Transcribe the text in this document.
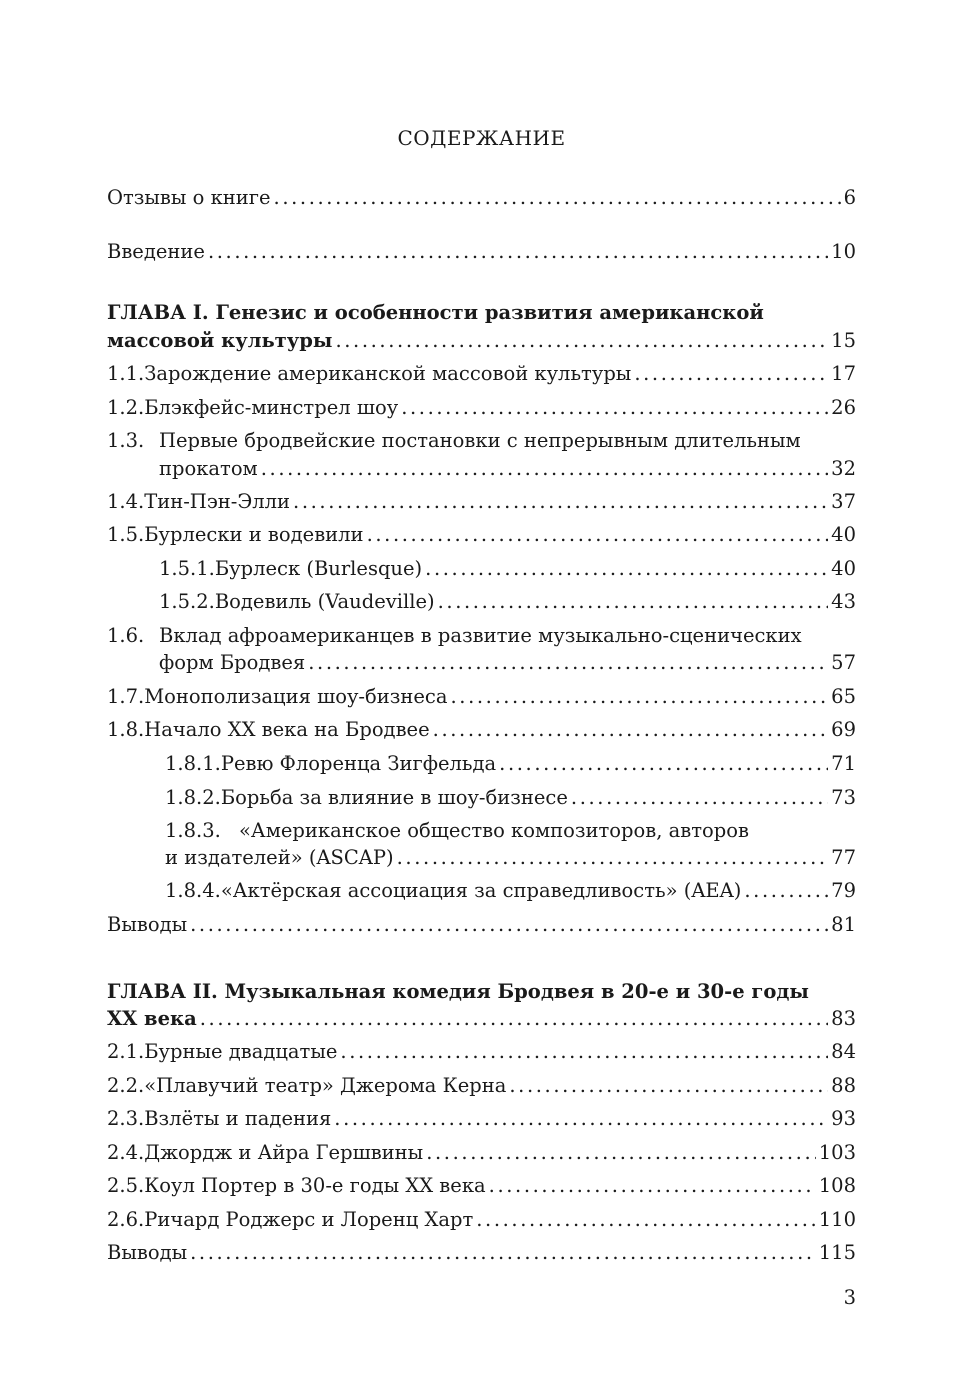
СОДЕРЖАНИЕ
Отзывы о книге . . .	6
Введение . . .	10
ГЛАВА I. Генезис и особенности развития американской
массовой культуры . . .	15
1.1. Зарождение американской массовой культуры . . .	17
1.2. Блэкфейс-минстрел шоу . . .	26
1.3. Первые бродвейские постановки с непрерывным длительным
прокатом . . .	32
1.4. Тин-Пэн-Элли . . .	37
1.5. Бурлески и водевили . . .	40
1.5.1. Бурлеск (Burlesque) . . .	40
1.5.2. Водевиль (Vaudeville) . . .	43
1.6. Вклад афроамериканцев в развитие музыкально-сценических
форм Бродвея . . .	57
1.7. Монополизация шоу-бизнеса . . .	65
1.8. Начало XX века на Бродвее . . .	69
1.8.1. Ревю Флоренца Зигфельда . . .	71
1.8.2. Борьба за влияние в шоу-бизнесе . . .	73
1.8.3. «Американское общество композиторов, авторов
и издателей» (ASCAP) . . .	77
1.8.4. «Актёрская ассоциация за справедливость» (AEA) . . .	79
Выводы . . .	81
ГЛАВА II. Музыкальная комедия Бродвея в 20-е и 30-е годы
XX века . . .	83
2.1. Бурные двадцатые . . .	84
2.2. «Плавучий театр» Джерома Керна . . .	88
2.3. Взлёты и падения . . .	93
2.4. Джордж и Айра Гершвины . . .	103
2.5. Коул Портер в 30-е годы XX века . . .	108
2.6. Ричард Роджерс и Лоренц Харт . . .	110
Выводы . . .	115
3
